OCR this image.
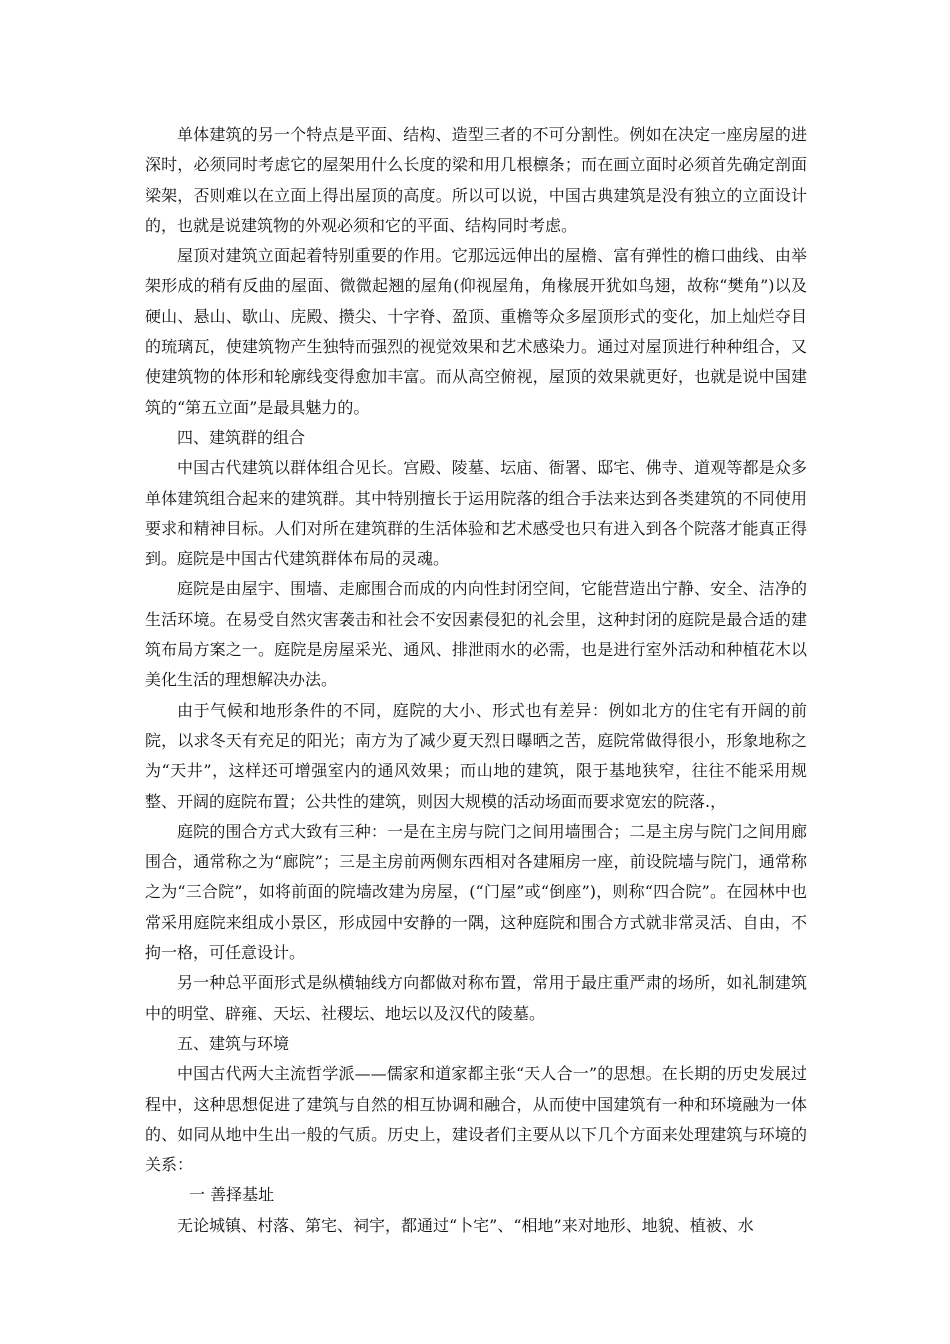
单体建筑的另一个特点是平面、结构、造型三者的不可分割性。例如在决定一座房屋的进深时，必须同时考虑它的屋架用什么长度的梁和用几根檩条；而在画立面时必须首先确定剖面梁架，否则难以在立面上得出屋顶的高度。所以可以说，中国古典建筑是没有独立的立面设计的，也就是说建筑物的外观必须和它的平面、结构同时考虑。

屋顶对建筑立面起着特别重要的作用。它那远远伸出的屋檐、富有弹性的檐口曲线、由举架形成的稍有反曲的屋面、微微起翘的屋角(仰视屋角，角椽展开犹如鸟翅，故称“樊角”)以及硬山、悬山、歇山、庑殿、攒尖、十字脊、盈顶、重檐等众多屋顶形式的变化，加上灿烂夺目的琉璃瓦，使建筑物产生独特而强烈的视觉效果和艺术感染力。通过对屋顶进行种种组合，又使建筑物的体形和轮廓线变得愈加丰富。而从高空俯视，屋顶的效果就更好，也就是说中国建筑的“第五立面”是最具魅力的。

四、建筑群的组合

中国古代建筑以群体组合见长。宫殿、陵墓、坛庙、衙署、邸宅、佛寺、道观等都是众多单体建筑组合起来的建筑群。其中特别擅长于运用院落的组合手法来达到各类建筑的不同使用要求和精神目标。人们对所在建筑群的生活体验和艺术感受也只有进入到各个院落才能真正得到。庭院是中国古代建筑群体布局的灵魂。

庭院是由屋宇、围墙、走廊围合而成的内向性封闭空间，它能营造出宁静、安全、洁净的生活环境。在易受自然灾害袭击和社会不安因素侵犯的礼会里，这种封闭的庭院是最合适的建筑布局方案之一。庭院是房屋采光、通风、排泄雨水的必需，也是进行室外活动和种植花木以美化生活的理想解决办法。

由于气候和地形条件的不同，庭院的大小、形式也有差异：例如北方的住宅有开阔的前院，以求冬天有充足的阳光；南方为了减少夏天烈日曝晒之苦，庭院常做得很小，形象地称之为“天井”，这样还可增强室内的通风效果；而山地的建筑，限于基地狭窄，往往不能采用规整、开阔的庭院布置；公共性的建筑，则因大规模的活动场面而要求宽宏的院落.，

庭院的围合方式大致有三种：一是在主房与院门之间用墙围合；二是主房与院门之间用廊围合，通常称之为“廊院”；三是主房前两侧东西相对各建厢房一座，前设院墙与院门，通常称之为“三合院”，如将前面的院墙改建为房屋，(“门屋”或“倒座”)，则称“四合院”。在园林中也常采用庭院来组成小景区，形成园中安静的一隅，这种庭院和围合方式就非常灵活、自由，不拘一格，可任意设计。

另一种总平面形式是纵横轴线方向都做对称布置，常用于最庄重严肃的场所，如礼制建筑中的明堂、辟雍、天坛、社稷坛、地坛以及汉代的陵墓。

五、建筑与环境

中国古代两大主流哲学派——儒家和道家都主张“天人合一”的思想。在长期的历史发展过程中，这种思想促进了建筑与自然的相互协调和融合，从而使中国建筑有一种和环境融为一体的、如同从地中生出一般的气质。历史上，建设者们主要从以下几个方面来处理建筑与环境的关系：

一 善择基址

无论城镇、村落、第宅、祠宇，都通过“卜宅”、“相地”来对地形、地貌、植被、水
